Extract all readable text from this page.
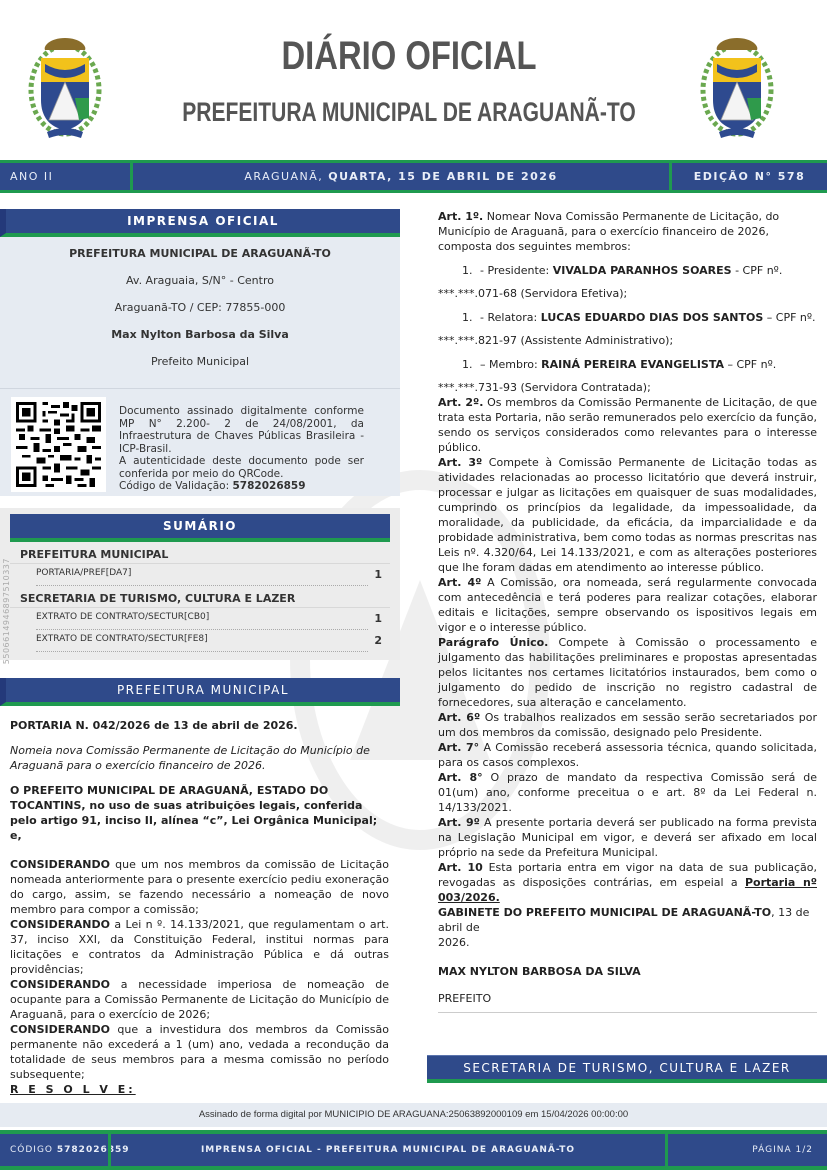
DIÁRIO OFICIAL
PREFEITURA MUNICIPAL DE ARAGUANÃ-TO
ANO II	ARAGUANÃ,
QUARTA, 15 DE ABRIL DE 2026	EDIÇÃO N° 578
IMPRENSA OFICIAL

PREFEITURA MUNICIPAL DE ARAGUANÃ-TO

Av. Araguaia, S/N° - Centro

Araguanã-TO / CEP: 77855-000

Max Nylton Barbosa da Silva

Prefeito Municipal

Documento assinado digitalmente conforme MP N° 2.200- 2 de 24/08/2001, da Infraestrutura de Chaves Públicas Brasileira - ICP-Brasil.
A autenticidade deste documento pode ser conferida por meio do QRCode.
Código de Validação: 5782026859
5506614946897510337
SUMÁRIO
PREFEITURA MUNICIPAL
PORTARIA/PREF[DA7]	1
SECRETARIA DE TURISMO, CULTURA E LAZER
EXTRATO DE CONTRATO/SECTUR[CB0]	1
EXTRATO DE CONTRATO/SECTUR[FE8]	2
PREFEITURA MUNICIPAL

PORTARIA N. 042/2026 de 13 de abril de 2026.

Nomeia nova Comissão Permanente de Licitação do Município de Araguanã para o exercício financeiro de 2026.

O PREFEITO MUNICIPAL DE ARAGUANÃ, ESTADO DO TOCANTINS, no uso de suas atribuições legais, conferida pelo artigo 91, inciso II, alínea “c”, Lei Orgânica Municipal; e,

CONSIDERANDO que um nos membros da comissão de Licitação nomeada anteriormente para o presente exercício pediu exoneração do cargo, assim, se fazendo necessário a nomeação de novo membro para compor a comissão;

CONSIDERANDO a Lei n º. 14.133/2021, que regulamentam o art. 37, inciso XXI, da Constituição Federal, institui normas para licitações e contratos da Administração Pública e dá outras providências;

CONSIDERANDO a necessidade imperiosa de nomeação de ocupante para a Comissão Permanente de Licitação do Município de Araguanã, para o exercício de 2026;

CONSIDERANDO que a investidura dos membros da Comissão permanente não excederá a 1 (um) ano, vedada a recondução da totalidade de seus membros para a mesma comissão no período subsequente;

R E S O L V E:

Art. 1º. Nomear Nova Comissão Permanente de Licitação, do Município de Araguanã, para o exercício financeiro de 2026, composta dos seguintes membros:

1. - Presidente: VIVALDA PARANHOS SOARES - CPF nº.

***.***.071-68 (Servidora Efetiva);

1. - Relatora: LUCAS EDUARDO DIAS DOS SANTOS – CPF nº.

***.***.821-97 (Assistente Administrativo);

1. – Membro: RAINÁ PEREIRA EVANGELISTA – CPF nº.

***.***.731-93 (Servidora Contratada);

Art. 2º. Os membros da Comissão Permanente de Licitação, de que trata esta Portaria, não serão remunerados pelo exercício da função, sendo os serviços considerados como relevantes para o interesse público.

Art. 3º Compete à Comissão Permanente de Licitação todas as atividades relacionadas ao processo licitatório que deverá instruir, processar e julgar as licitações em quaisquer de suas modalidades, cumprindo os princípios da legalidade, da impessoalidade, da moralidade, da publicidade, da eficácia, da imparcialidade e da probidade administrativa, bem como todas as normas prescritas nas Leis nº. 4.320/64, Lei 14.133/2021, e com as alterações posteriores que lhe foram dadas em atendimento ao interesse público.

Art. 4º A Comissão, ora nomeada, será regularmente convocada com antecedência e terá poderes para realizar cotações, elaborar editais e licitações, sempre observando os ispositivos legais em vigor e o interesse público.

Parágrafo Único. Compete à Comissão o processamento e julgamento das habilitações preliminares e propostas apresentadas pelos licitantes nos certames licitatórios instaurados, bem como o julgamento do pedido de inscrição no registro cadastral de fornecedores, sua alteração e cancelamento.

Art. 6º Os trabalhos realizados em sessão serão secretariados por um dos membros da comissão, designado pelo Presidente.

Art. 7° A Comissão receberá assessoria técnica, quando solicitada, para os casos complexos.

Art. 8° O prazo de mandato da respectiva Comissão será de 01(um) ano, conforme preceitua o e art. 8º da Lei Federal n. 14/133/2021.

Art. 9º A presente portaria deverá ser publicado na forma prevista na Legislação Municipal em vigor, e deverá ser afixado em local próprio na sede da Prefeitura Municipal.

Art. 10 Esta portaria entra em vigor na data de sua publicação, revogadas as disposições contrárias, em espeial a Portaria nº 003/2026.

GABINETE DO PREFEITO MUNICIPAL DE ARAGUANÃ-TO, 13 de abril de
2026.

MAX NYLTON BARBOSA DA SILVA

PREFEITO

SECRETARIA DE TURISMO, CULTURA E LAZER
Assinado de forma digital por MUNICIPIO DE ARAGUANA:25063892000109 em 15/04/2026 00:00:00
CÓDIGO
5782026859	IMPRENSA OFICIAL - PREFEITURA MUNICIPAL DE ARAGUANÃ-TO	PÁGINA 1/2
